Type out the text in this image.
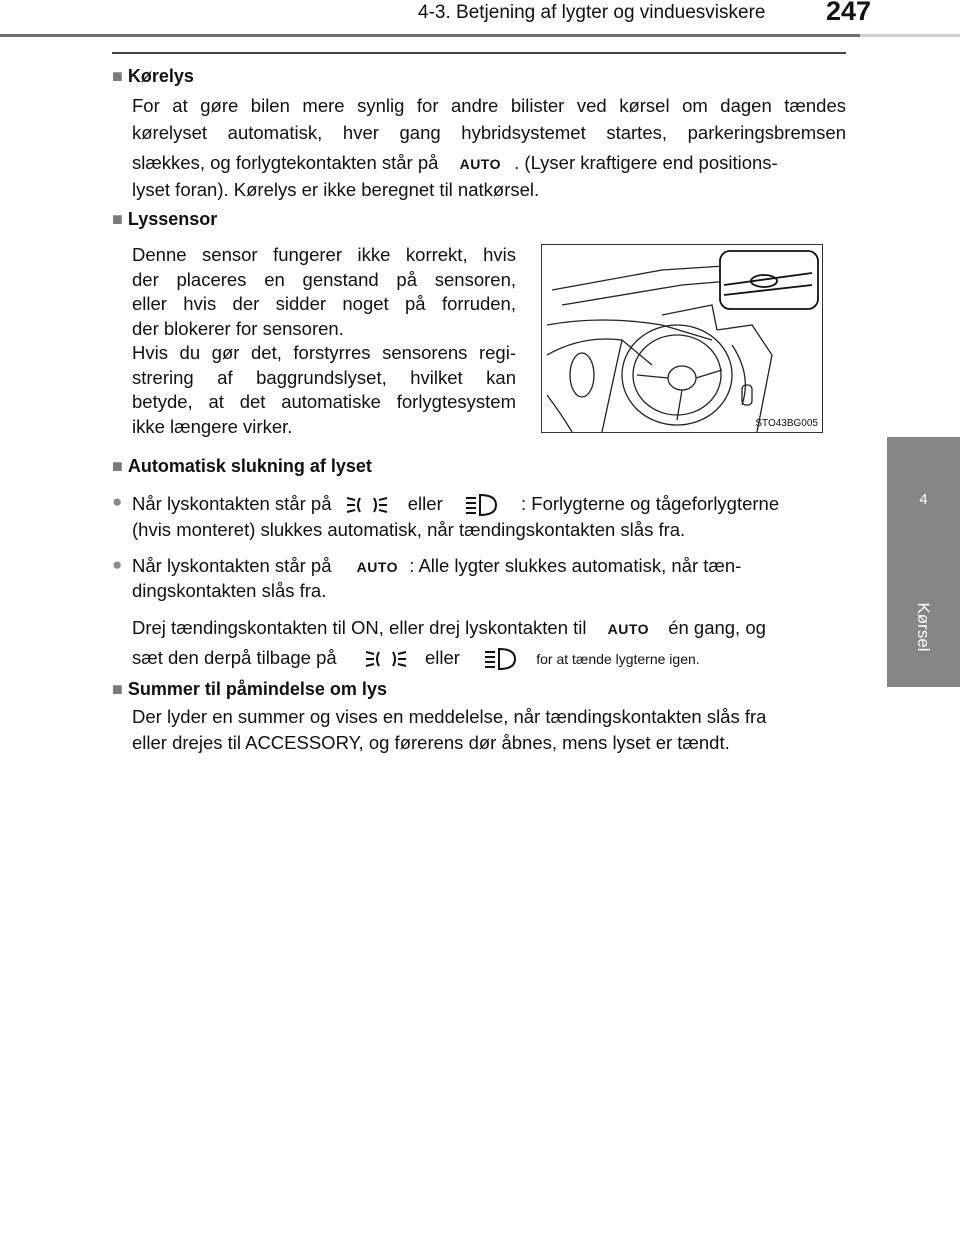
4-3. Betjening af lygter og vinduesviskere 247
4
Kørsel
■ Kørelys
For at gøre bilen mere synlig for andre bilister ved kørsel om dagen tændes
kørelyset automatisk, hver gang hybridsystemet startes, parkeringsbremsen
slækkes, og forlygtekontakten står på AUTO . (Lyser kraftigere end positions-
lyset foran). Kørelys er ikke beregnet til natkørsel.
■ Lyssensor
Denne sensor fungerer ikke korrekt, hvis
der placeres en genstand på sensoren,
eller hvis der sidder noget på forruden,
der blokerer for sensoren.
Hvis du gør det, forstyrres sensorens regi-
strering af baggrundslyset, hvilket kan
betyde, at det automatiske forlygtesystem
ikke længere virker.	STO43BG005
■ Automatisk slukning af lyset
● Når lyskontakten står på	eller	: Forlygterne og tågeforlygterne
(hvis monteret) slukkes automatisk, når tændingskontakten slås fra.
● Når lyskontakten står på AUTO : Alle lygter slukkes automatisk, når tæn-
dingskontakten slås fra.
Drej tændingskontakten til ON, eller drej lyskontakten til AUTO én gang, og
sæt den derpå tilbage på	eller	for at tænde lygterne igen.
■ Summer til påmindelse om lys
Der lyder en summer og vises en meddelelse, når tændingskontakten slås fra
eller drejes til ACCESSORY, og førerens dør åbnes, mens lyset er tændt.
